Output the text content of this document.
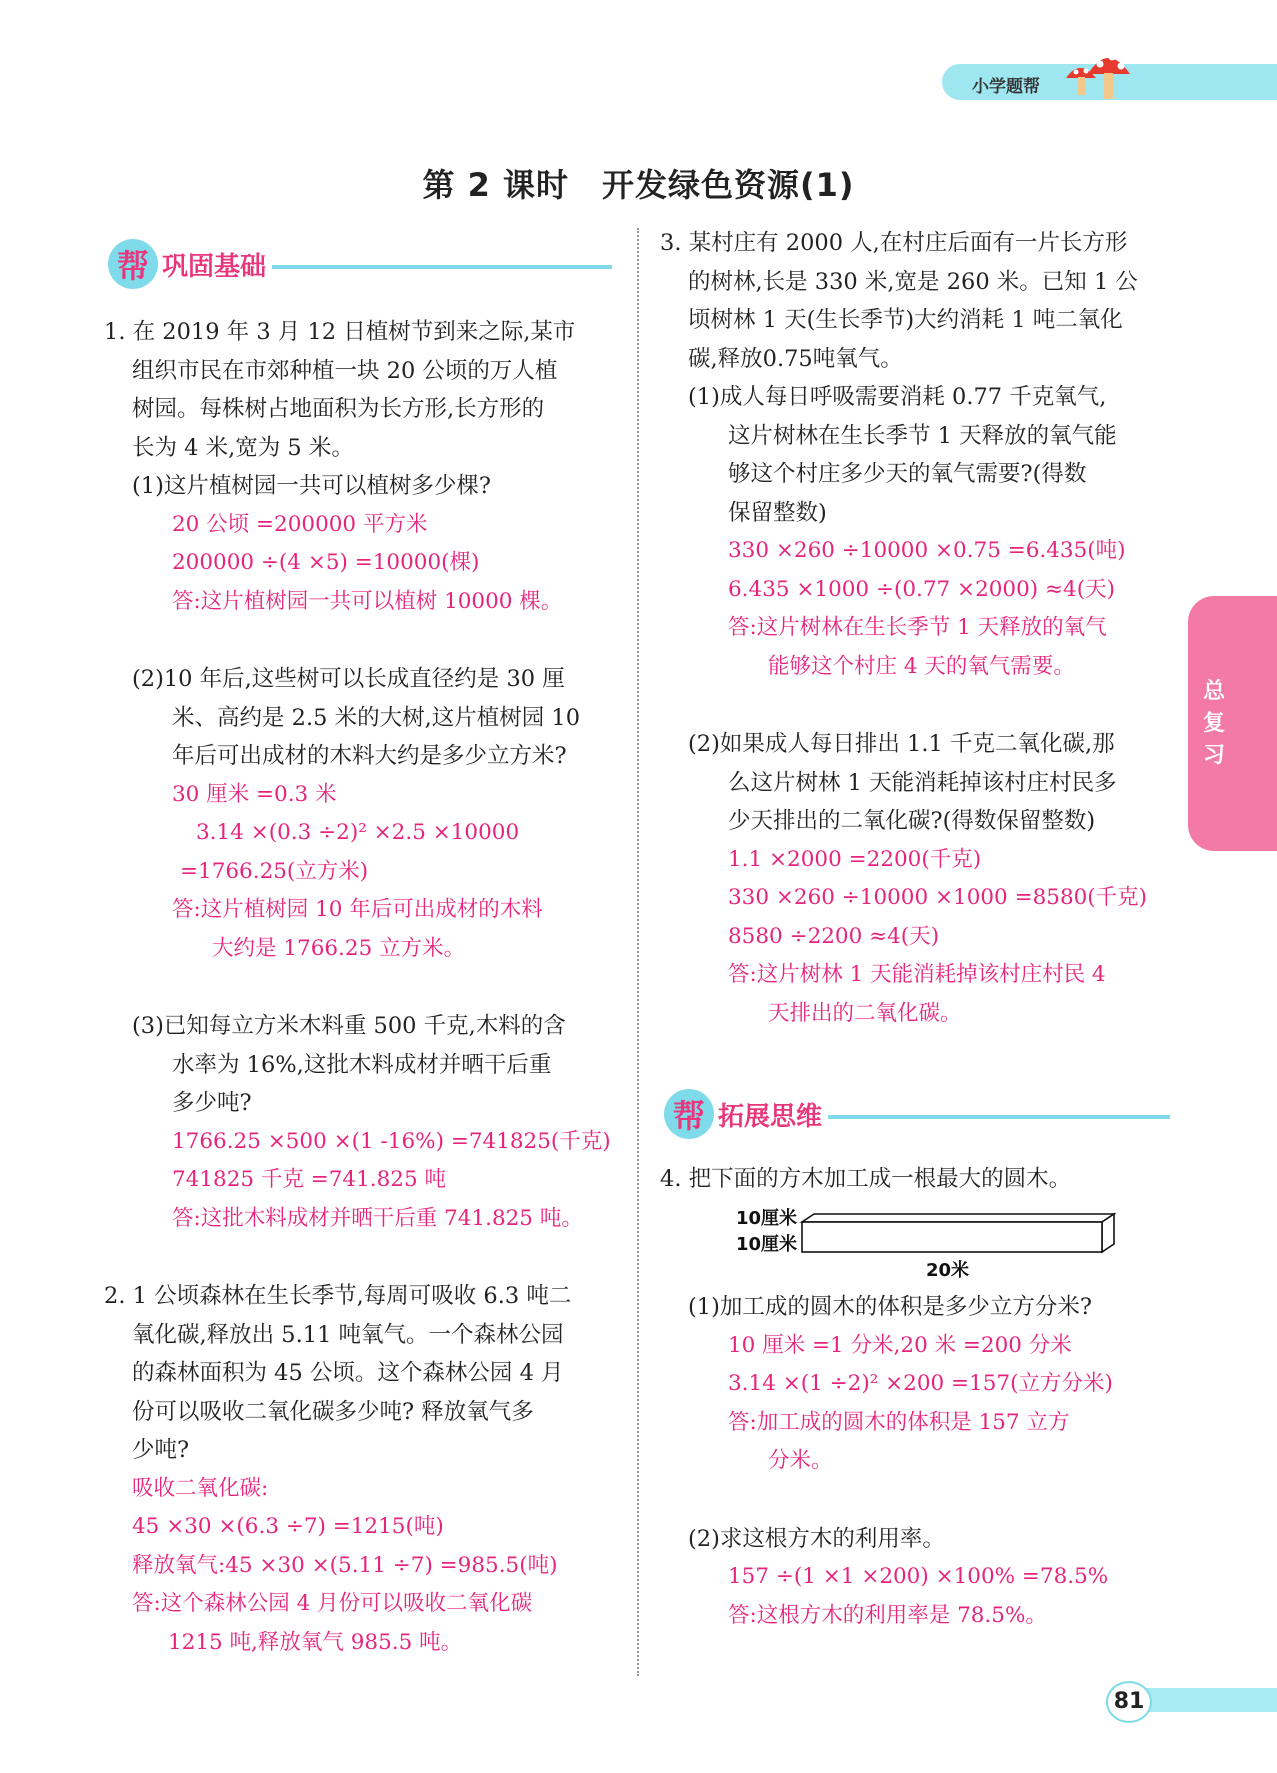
小学题帮
第 2 课时　开发绿色资源(1)
帮 巩固基础
1. 在 2019 年 3 月 12 日植树节到来之际,某市
组织市民在市郊种植一块 20 公顷的万人植
树园。每株树占地面积为长方形,长方形的
长为 4 米,宽为 5 米。
(1)这片植树园一共可以植树多少棵?
20 公顷 =200000 平方米
200000 ÷(4 ×5) =10000(棵)
答:这片植树园一共可以植树 10000 棵。
(2)10 年后,这些树可以长成直径约是 30 厘
米、高约是 2.5 米的大树,这片植树园 10
年后可出成材的木料大约是多少立方米?
30 厘米 =0.3 米
3.14 ×(0.3 ÷2)² ×2.5 ×10000
=1766.25(立方米)
答:这片植树园 10 年后可出成材的木料
大约是 1766.25 立方米。
(3)已知每立方米木料重 500 千克,木料的含
水率为 16%,这批木料成材并晒干后重
多少吨?
1766.25 ×500 ×(1 -16%) =741825(千克)
741825 千克 =741.825 吨
答:这批木料成材并晒干后重 741.825 吨。
2. 1 公顷森林在生长季节,每周可吸收 6.3 吨二
氧化碳,释放出 5.11 吨氧气。一个森林公园
的森林面积为 45 公顷。这个森林公园 4 月
份可以吸收二氧化碳多少吨? 释放氧气多
少吨?
吸收二氧化碳:
45 ×30 ×(6.3 ÷7) =1215(吨)
释放氧气:45 ×30 ×(5.11 ÷7) =985.5(吨)
答:这个森林公园 4 月份可以吸收二氧化碳
1215 吨,释放氧气 985.5 吨。
3. 某村庄有 2000 人,在村庄后面有一片长方形
的树林,长是 330 米,宽是 260 米。已知 1 公
顷树林 1 天(生长季节)大约消耗 1 吨二氧化
碳,释放0.75吨氧气。
(1)成人每日呼吸需要消耗 0.77 千克氧气,
这片树林在生长季节 1 天释放的氧气能
够这个村庄多少天的氧气需要?(得数
保留整数)
330 ×260 ÷10000 ×0.75 =6.435(吨)
6.435 ×1000 ÷(0.77 ×2000) ≈4(天)
答:这片树林在生长季节 1 天释放的氧气
能够这个村庄 4 天的氧气需要。
(2)如果成人每日排出 1.1 千克二氧化碳,那
么这片树林 1 天能消耗掉该村庄村民多
少天排出的二氧化碳?(得数保留整数)
1.1 ×2000 =2200(千克)
330 ×260 ÷10000 ×1000 =8580(千克)
8580 ÷2200 ≈4(天)
答:这片树林 1 天能消耗掉该村庄村民 4
天排出的二氧化碳。
帮 拓展思维
4. 把下面的方木加工成一根最大的圆木。
10厘米
10厘米
20米
(1)加工成的圆木的体积是多少立方分米?
10 厘米 =1 分米,20 米 =200 分米
3.14 ×(1 ÷2)² ×200 =157(立方分米)
答:加工成的圆木的体积是 157 立方
分米。
(2)求这根方木的利用率。
157 ÷(1 ×1 ×200) ×100% =78.5%
答:这根方木的利用率是 78.5%。
总复习
81
